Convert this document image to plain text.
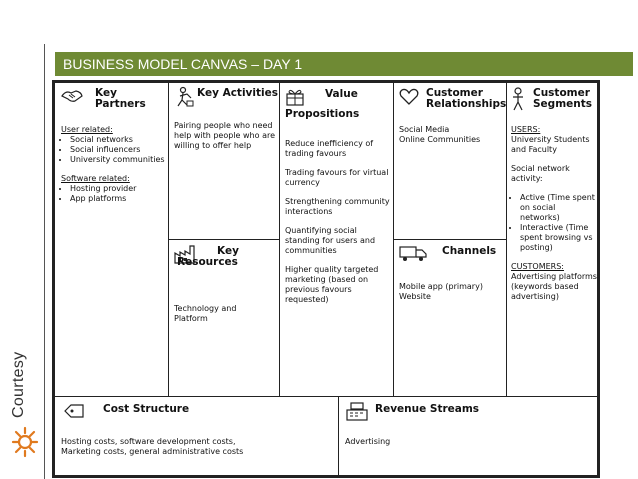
Courtesy
BUSINESS MODEL CANVAS – DAY 1
Key Partners

User related:

• Social networks
• Social influencers
• University communities

Software related:

• Hosting provider
• App platforms
Key Activities
Pairing people who need help with people who are willing to offer help
Key
Resources
Technology and Platform
Value
Propositions

Reduce inefficiency of trading favours

Trading favours for virtual currency

Strengthening community interactions

Quantifying social standing for users and communities

Higher quality targeted marketing (based on previous favours requested)

Customer
Relationships

Social Media

Online Communities

Channels

Mobile app (primary)

Website

Customer
Segments

USERS:

University Students and Faculty

Social network activity:

• Active (Time spent on social networks)
• Interactive (Time spent browsing vs posting)

CUSTOMERS:

Advertising platforms (keywords based advertising)

Cost Structure

Hosting costs, software development costs,

Marketing costs, general administrative costs

Revenue Streams
Advertising
